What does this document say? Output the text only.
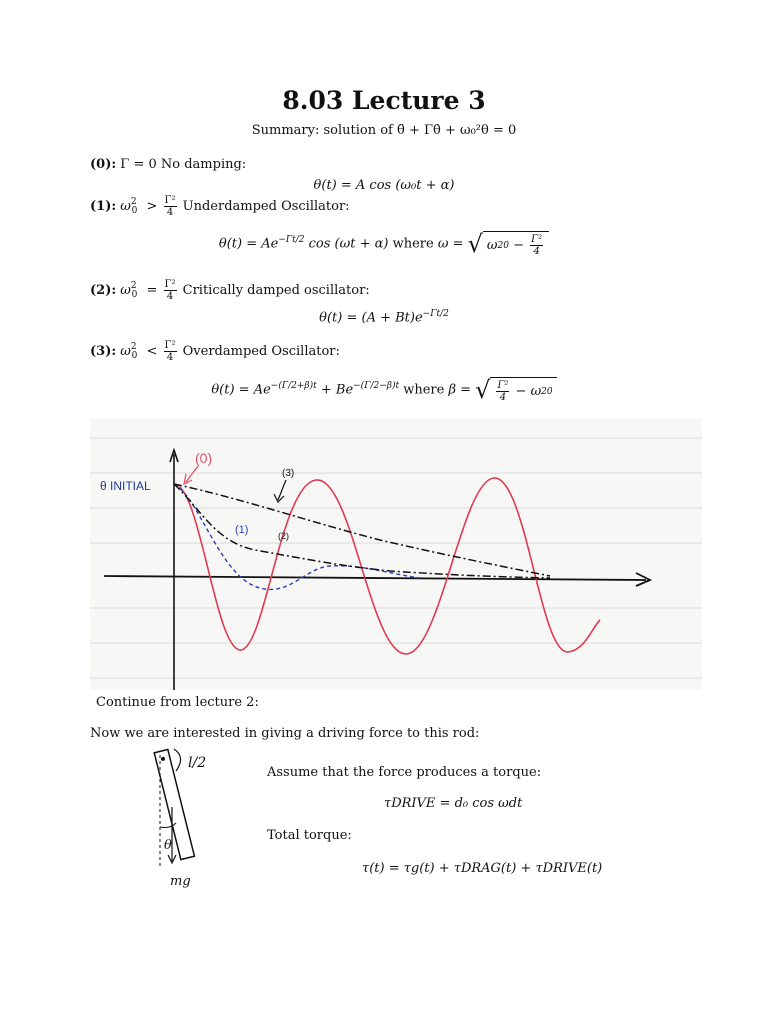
8.03 Lecture 3
Summary: solution of θ̈ + Γθ̇ + ω₀²θ = 0
(0): Γ = 0 No damping:
θ(t) = A cos (ω₀t + α)
(1): $\omega^2_0 > \frac{\text{Γ²}}{4}$ Underdamped Oscillator:
$\theta(t) = Ae^{-\Gamma t/2}$ cos (ωt + α) where ω = √ ω 2 $0 - \frac{\text{Γ²}}{4}$
(2): $\omega^2_0 = \frac{\text{Γ²}}{4}$ Critically damped oscillator:
$\theta(t) = (A + Bt)e^{-\Gamma t/2}$
(3): $\omega^2_0 < \frac{\text{Γ²}}{4}$ Overdamped Oscillator:
$\theta(t) = Ae^{-(\Gamma/2+\beta)t} + Be^{-(\Gamma/2-\beta)t}$ where β = √ $\frac{\text{Γ²}}{4} - \omega$ 2 0
θ INITIAL
(0)
(1)	(2)
(3)
Continue from lecture 2:
Now we are interested in giving a driving force to this rod:
l/2
θ
mg
Assume that the force produces a torque:
τDRIVE = d₀ cos ωdt
Total torque:
τ(t) = τg(t) + τDRAG(t) + τDRIVE(t)
